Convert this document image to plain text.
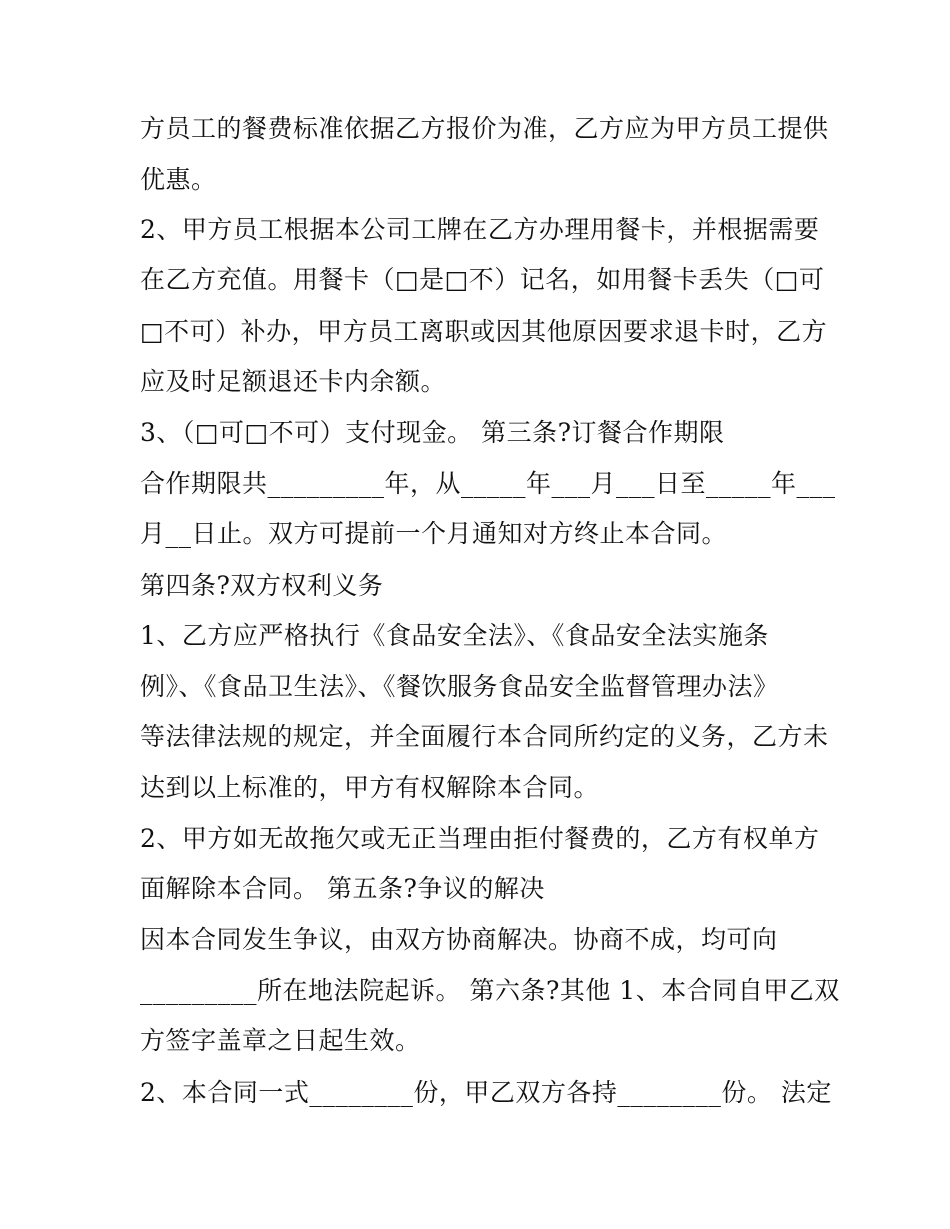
方员工的餐费标准依据乙方报价为准，乙方应为甲方员工提供
优惠。
2、甲方员工根据本公司工牌在乙方办理用餐卡，并根据需要
在乙方充值。用餐卡（□是□不）记名，如用餐卡丢失（□可
□不可）补办，甲方员工离职或因其他原因要求退卡时，乙方
应及时足额退还卡内余额。
3、（□可□不可）支付现金。 第三条?订餐合作期限
合作期限共_________年，从_____年___月___日至_____年___
月__日止。双方可提前一个月通知对方终止本合同。
第四条?双方权利义务
1、乙方应严格执行《食品安全法》、《食品安全法实施条
例》、《食品卫生法》、《餐饮服务食品安全监督管理办法》
等法律法规的规定，并全面履行本合同所约定的义务，乙方未
达到以上标准的，甲方有权解除本合同。
2、甲方如无故拖欠或无正当理由拒付餐费的，乙方有权单方
面解除本合同。 第五条?争议的解决
因本合同发生争议，由双方协商解决。协商不成，均可向
_________所在地法院起诉。 第六条?其他 1、本合同自甲乙双
方签字盖章之日起生效。
2、本合同一式________份，甲乙双方各持________份。 法定
